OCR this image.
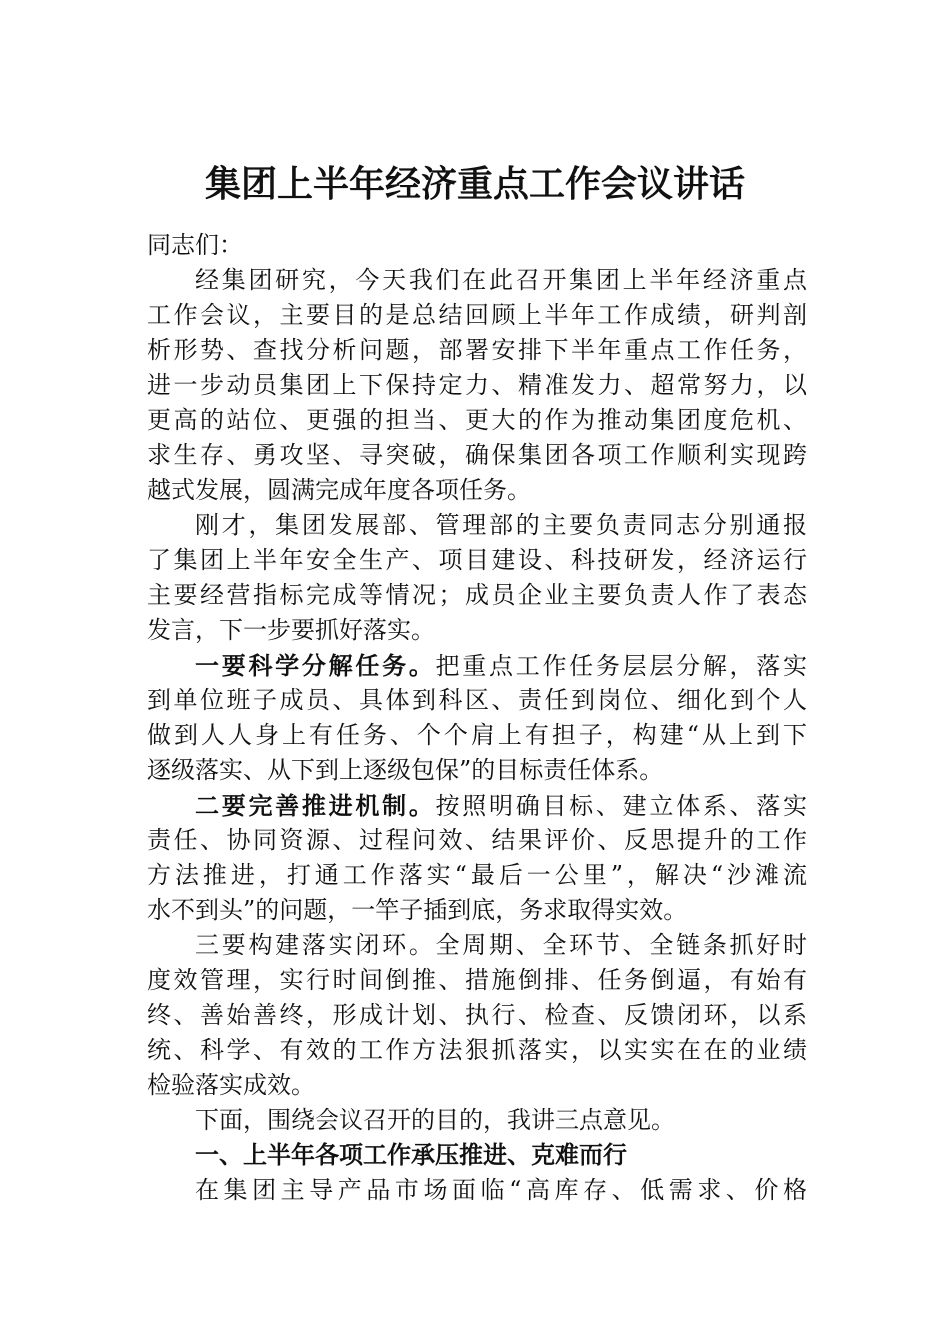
集团上半年经济重点工作会议讲话
同志们：
经集团研究，今天我们在此召开集团上半年经济重点
工作会议，主要目的是总结回顾上半年工作成绩，研判剖
析形势、查找分析问题，部署安排下半年重点工作任务，
进一步动员集团上下保持定力、精准发力、超常努力，以
更高的站位、更强的担当、更大的作为推动集团度危机、
求生存、勇攻坚、寻突破，确保集团各项工作顺利实现跨
越式发展，圆满完成年度各项任务。
刚才，集团发展部、管理部的主要负责同志分别通报
了集团上半年安全生产、项目建设、科技研发，经济运行
主要经营指标完成等情况；成员企业主要负责人作了表态
发言，下一步要抓好落实。
一要科学分解任务。把重点工作任务层层分解，落实
到单位班子成员、具体到科区、责任到岗位、细化到个人
做到人人身上有任务、个个肩上有担子，构建“从上到下
逐级落实、从下到上逐级包保”的目标责任体系。
二要完善推进机制。按照明确目标、建立体系、落实
责任、协同资源、过程问效、结果评价、反思提升的工作
方法推进，打通工作落实“最后一公里”，解决“沙滩流
水不到头”的问题，一竿子插到底，务求取得实效。
三要构建落实闭环。全周期、全环节、全链条抓好时
度效管理，实行时间倒推、措施倒排、任务倒逼，有始有
终、善始善终，形成计划、执行、检查、反馈闭环，以系
统、科学、有效的工作方法狠抓落实，以实实在在的业绩
检验落实成效。
下面，围绕会议召开的目的，我讲三点意见。
一、上半年各项工作承压推进、克难而行
在集团主导产品市场面临“高库存、低需求、价格
